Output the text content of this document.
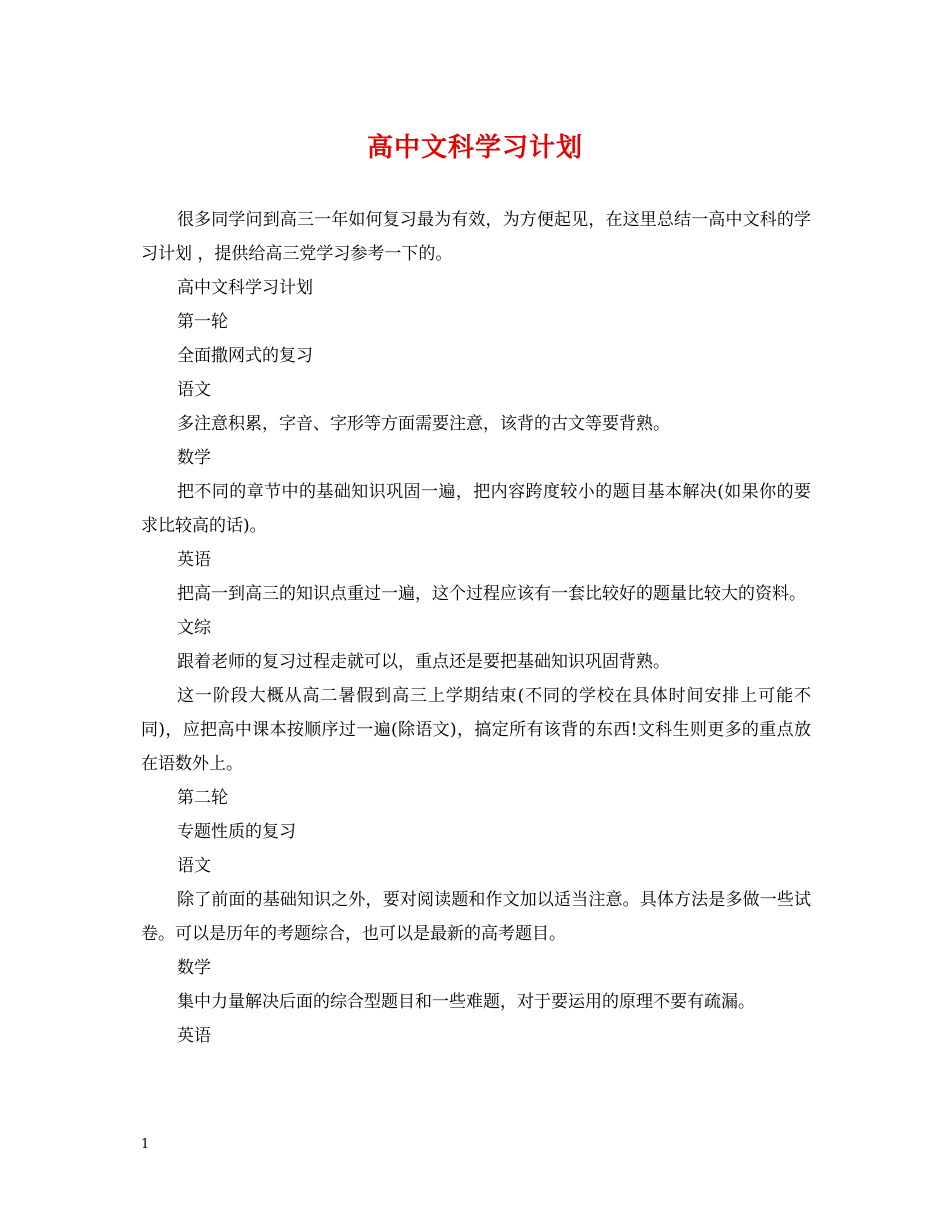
高中文科学习计划

很多同学问到高三一年如何复习最为有效，为方便起见，在这里总结一高中文科的学习计划 ，提供给高三党学习参考一下的。

高中文科学习计划

第一轮

全面撒网式的复习

语文

多注意积累，字音、字形等方面需要注意，该背的古文等要背熟。

数学

把不同的章节中的基础知识巩固一遍，把内容跨度较小的题目基本解决(如果你的要求比较高的话)。

英语

把高一到高三的知识点重过一遍，这个过程应该有一套比较好的题量比较大的资料。

文综

跟着老师的复习过程走就可以，重点还是要把基础知识巩固背熟。

这一阶段大概从高二暑假到高三上学期结束(不同的学校在具体时间安排上可能不同)，应把高中课本按顺序过一遍(除语文)，搞定所有该背的东西!文科生则更多的重点放在语数外上。

第二轮

专题性质的复习

语文

除了前面的基础知识之外，要对阅读题和作文加以适当注意。具体方法是多做一些试卷。可以是历年的考题综合，也可以是最新的高考题目。

数学

集中力量解决后面的综合型题目和一些难题，对于要运用的原理不要有疏漏。

英语

1
